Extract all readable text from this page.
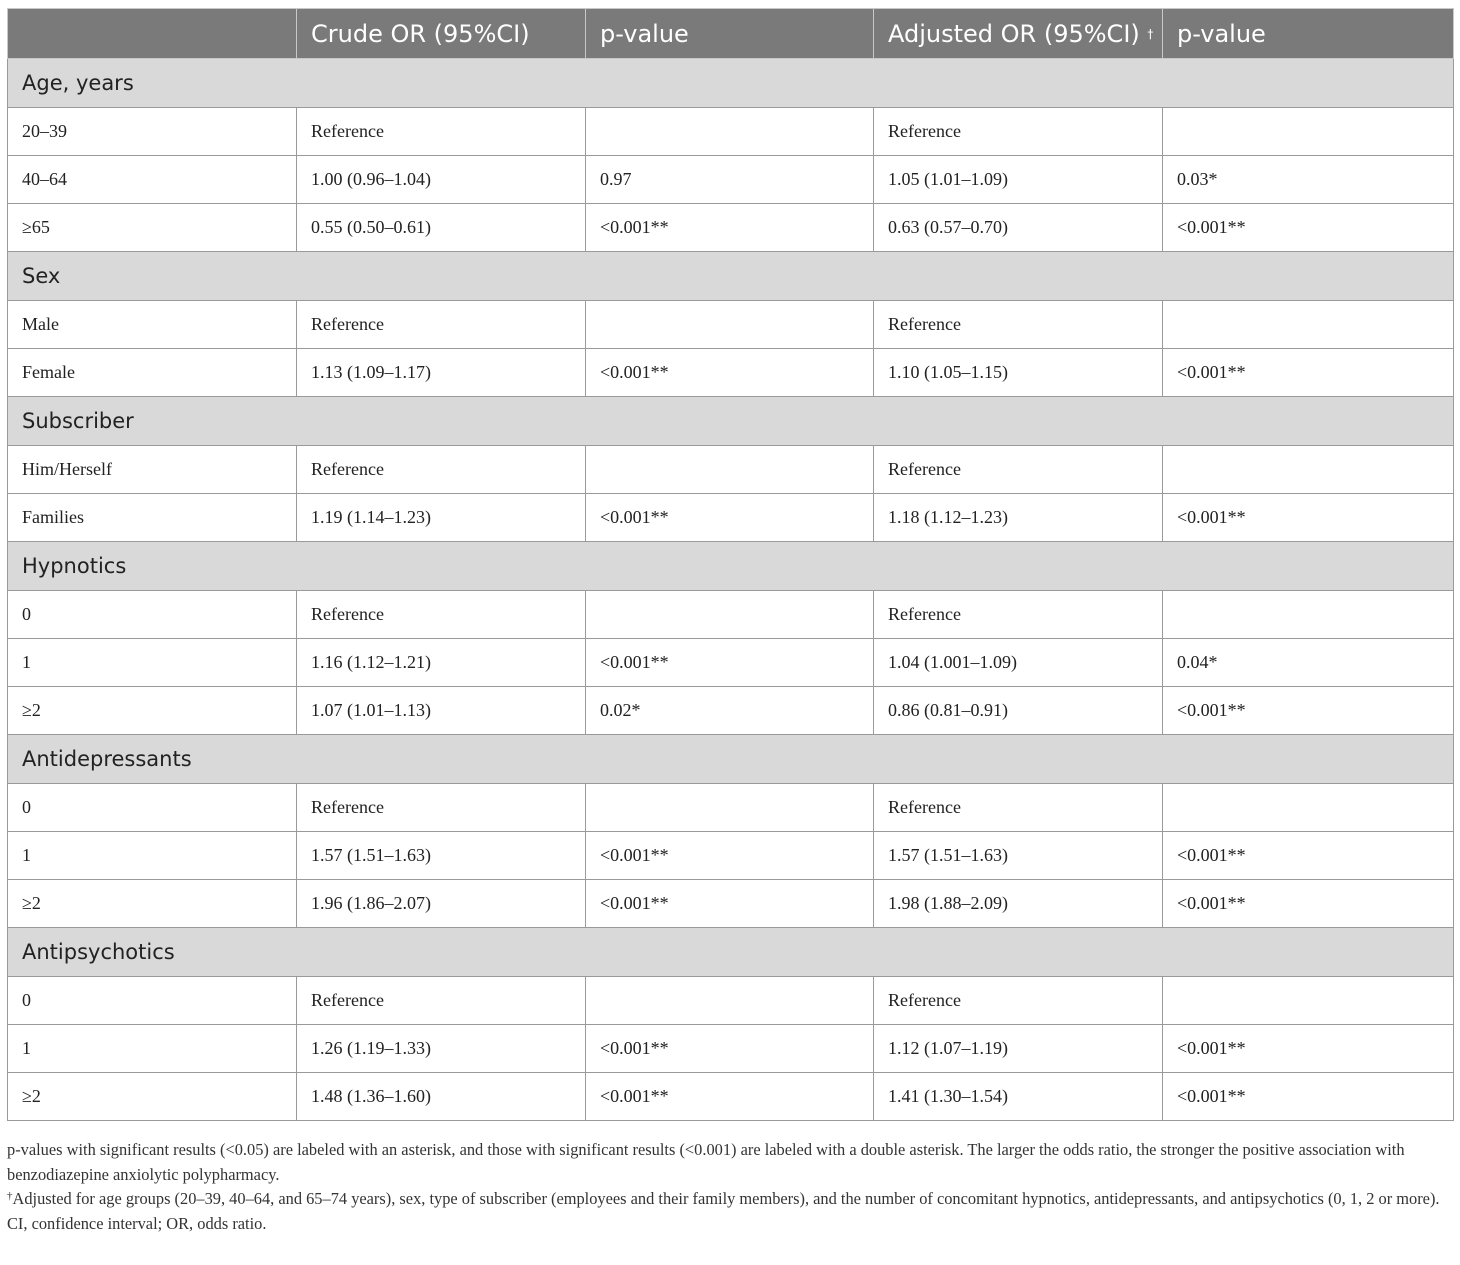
	Crude OR (95%CI)	p-value	Adjusted OR (95%CI) †	p-value
Age, years				
20–39	Reference		Reference	
40–64	1.00 (0.96–1.04)	0.97	1.05 (1.01–1.09)	0.03*
≥65	0.55 (0.50–0.61)	<0.001**	0.63 (0.57–0.70)	<0.001**
Sex				
Male	Reference		Reference	
Female	1.13 (1.09–1.17)	<0.001**	1.10 (1.05–1.15)	<0.001**
Subscriber				
Him/Herself	Reference		Reference	
Families	1.19 (1.14–1.23)	<0.001**	1.18 (1.12–1.23)	<0.001**
Hypnotics				
0	Reference		Reference	
1	1.16 (1.12–1.21)	<0.001**	1.04 (1.001–1.09)	0.04*
≥2	1.07 (1.01–1.13)	0.02*	0.86 (0.81–0.91)	<0.001**
Antidepressants				
0	Reference		Reference	
1	1.57 (1.51–1.63)	<0.001**	1.57 (1.51–1.63)	<0.001**
≥2	1.96 (1.86–2.07)	<0.001**	1.98 (1.88–2.09)	<0.001**
Antipsychotics				
0	Reference		Reference	
1	1.26 (1.19–1.33)	<0.001**	1.12 (1.07–1.19)	<0.001**
≥2	1.48 (1.36–1.60)	<0.001**	1.41 (1.30–1.54)	<0.001**

p-values with significant results (<0.05) are labeled with an asterisk, and those with significant results (<0.001) are labeled with a double asterisk. The larger the odds ratio, the stronger the positive association with benzodiazepine anxiolytic polypharmacy.

†Adjusted for age groups (20–39, 40–64, and 65–74 years), sex, type of subscriber (employees and their family members), and the number of concomitant hypnotics, antidepressants, and antipsychotics (0, 1, 2 or more).

CI, confidence interval; OR, odds ratio.
